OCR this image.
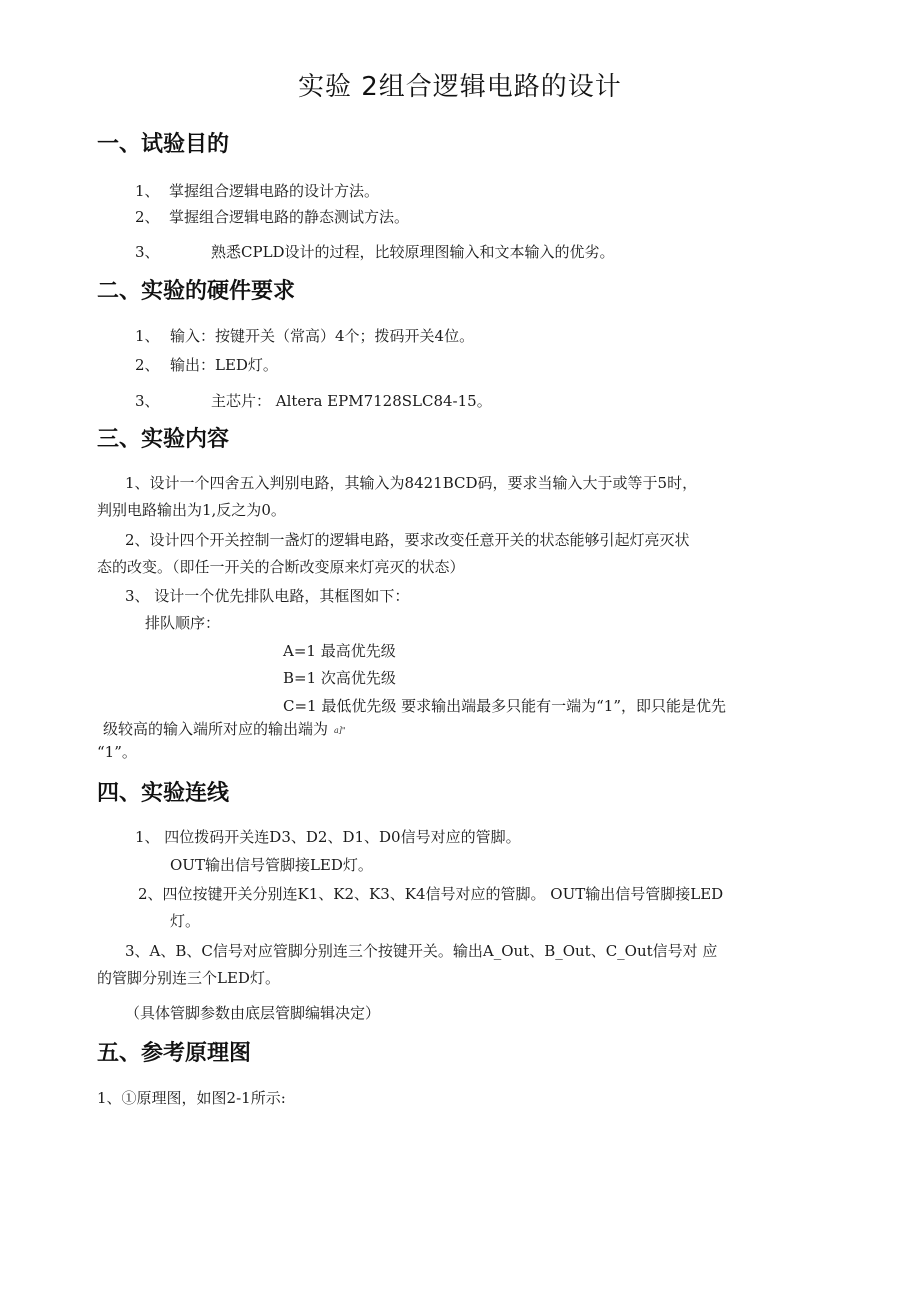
实验 2组合逻辑电路的设计
一、试验目的
1、 掌握组合逻辑电路的设计方法。
2、 掌握组合逻辑电路的静态测试方法。
3、	熟悉CPLD设计的过程，比较原理图输入和文本输入的优劣。
二、实验的硬件要求
1、 输入：按键开关（常高）4个；拨码开关4位。
2、 输出：LED灯。
3、	主芯片： Altera EPM7128SLC84-15。
三、实验内容
1、设计一个四舍五入判别电路，其输入为8421BCD码，要求当输入大于或等于5时，
判别电路输出为1,反之为0。
2、设计四个开关控制一盏灯的逻辑电路，要求改变任意开关的状态能够引起灯亮灭状
态的改变。（即任一开关的合断改变原来灯亮灭的状态）
3、 设计一个优先排队电路，其框图如下：
排队顺序：
A=1 最高优先级
B=1 次高优先级
C=1 最低优先级 要求输出端最多只能有一端为“1”，即只能是优先
级较高的输入端所对应的输出端为 a]"
“1”。
四、实验连线
1、 四位拨码开关连D3、D2、D1、D0信号对应的管脚。
OUT输出信号管脚接LED灯。
2、四位按键开关分别连K1、K2、K3、K4信号对应的管脚。 OUT输出信号管脚接LED
灯。
3、A、B、C信号对应管脚分别连三个按键开关。输出A_Out、B_Out、C_Out信号对 应
的管脚分别连三个LED灯。
（具体管脚参数由底层管脚编辑决定）
五、参考原理图
1、①原理图，如图2-1所示:
